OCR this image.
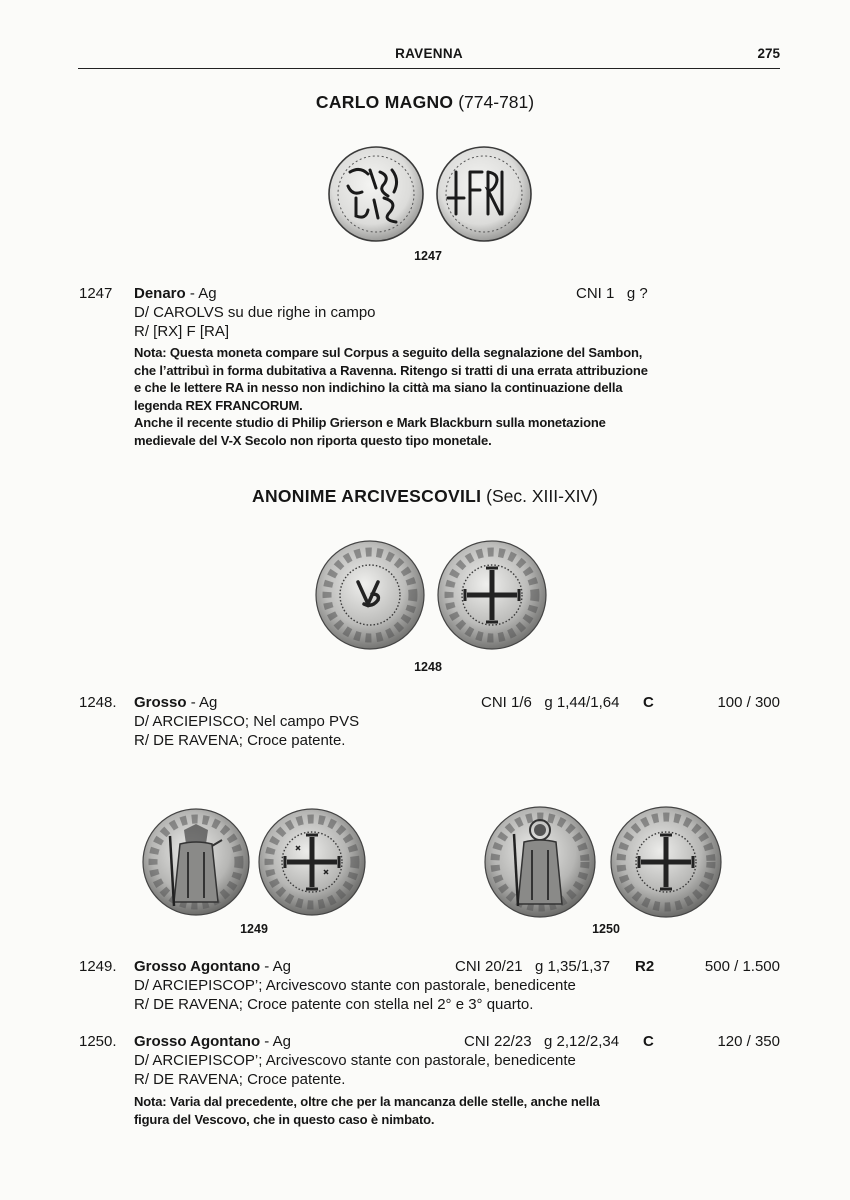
RAVENNA	275
CARLO MAGNO (774-781)
1247
1247 Denaro - Ag	CNI 1   g ?
D/ CAROLVS su due righe in campo
R/ [RX] F [RA]

Nota: Questa moneta compare sul Corpus a seguito della segnalazione del Sambon, che l’attribuì in forma dubitativa a Ravenna. Ritengo si tratti di una errata attribuzione e che le lettere RA in nesso non indichino la città ma siano la continuazione della legenda REX FRANCORUM.

Anche il recente studio di Philip Grierson e Mark Blackburn sulla monetazione medievale del V-X Secolo non riporta questo tipo monetale.

ANONIME ARCIVESCOVILI (Sec. XIII-XIV)
1248
1248. Grosso - Ag	CNI 1/6   g 1,44/1,64 C	100 / 300
D/ ARCIEPISCO; Nel campo PVS
R/ DE RAVENA; Croce patente.
1249	1250
1249. Grosso Agontano - Ag	CNI 20/21   g 1,35/1,37 R2	500 / 1.500
D/ ARCIEPISCOP’; Arcivescovo stante con pastorale, benedicente
R/ DE RAVENA; Croce patente con stella nel 2° e 3° quarto.
1250. Grosso Agontano - Ag	CNI 22/23   g 2,12/2,34 C	120 / 350
D/ ARCIEPISCOP’; Arcivescovo stante con pastorale, benedicente
R/ DE RAVENA; Croce patente.

Nota: Varia dal precedente, oltre che per la mancanza delle stelle, anche nella figura del Vescovo, che in questo caso è nimbato.
